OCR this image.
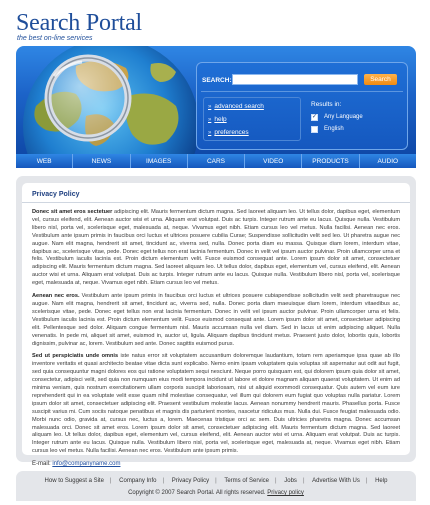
Search Portal
the best on-line services
SEARCH:	Search
» advanced search
» help
» preferences
Results in:
✓ Any Language
English
WEB	NEWS	IMAGES	CARS	VIDEO	PRODUCTS	AUDIO
Privacy Policy

Donec sit amet eros sectetuer adipiscing elit. Mauris fermentum dictum magna. Sed laoreet aliquam leo. Ut tellus dolor, dapibus eget, elementum vel, cursus eleifend, elit. Aenean auctor wisi et urna. Aliquam erat volutpat. Duis ac turpis. Integer rutrum ante eu lacus. Quisque nulla. Vestibulum libero nisl, porta vel, scelerisque eget, malesuada at, neque. Vivamus eget nibh. Etiam cursus leo vel metus. Nulla facilisi. Aenean nec eros. Vestibulum ante ipsum primis in faucibus orci luctus et ultrices posuere cubilia Curae; Suspendisse sollicitudin velit sed leo. Ut pharetra augue nec augue. Nam elit magna, hendrerit sit amet, tincidunt ac, viverra sed, nulla. Donec porta diam eu massa. Quisque diam lorem, interdum vitae, dapibus ac, scelerisque vitae, pede. Donec eget tellus non erat lacinia fermentum. Donec in velit vel ipsum auctor pulvinar. Proin ullamcorper urna et felis. Vestibulum iaculis lacinia est. Proin dictum elementum velit. Fusce euismod consequat ante. Lorem ipsum dolor sit amet, consectetuer adipiscing elit. Mauris fermentum dictum magna. Sed laoreet aliquam leo. Ut tellus dolor, dapibus eget, elementum vel, cursus eleifend, elit. Aenean auctor wisi et urna. Aliquam erat volutpat. Duis ac turpis. Integer rutrum ante eu lacus. Quisque nulla. Vestibulum libero nisl, porta vel, scelerisque eget, malesuada at, neque. Vivamus eget nibh. Etiam cursus leo vel metus.

Aenean nec eros. Vestibulum ante ipsum primis in faucibus orci luctus et ultrices posuere cubiapendisse sollicitudin velit sedt pharetraugue nec augue. Nam elit magna, hendrerit sit amet, tincidunt ac, viverra sed, nulla. Donec porta diam maeuisque diam lorem, interdum vitaedibus ac, scelerisque vitae, pede. Donec eget tellus non erat lacinia fermentum. Donec in velit vel ipsum auctor pulvinar. Proin ullamcorper urna et felis. Vestibulum iaculis lacinia est. Proin dictum elementum velit. Fusce euismod consequat ante. Lorem ipsum dolor sit amet, consectetuer adipiscing elit. Pellentesque sed dolor. Aliquam congue fermentum nisl. Mauris accumsan nulla vel diam. Sed in lacus ut enim adipiscing aliquet. Nulla venenatis. In pede mi, aliquet sit amet, euismod in, auctor ut, ligula. Aliquam dapibus tincidunt metus. Praesent justo dolor, lobortis quis, lobortis dignissim, pulvinar ac, lorem. Vestibulum sed ante. Donec sagittis euismod purus.

Sed ut perspiciatis unde omnis iste natus error sit voluptatem accusantium doloremque laudantium, totam rem aperiamque ipsa quae ab illo inventore veritatis et quasi architecto beatae vitae dicta sunt explicabo. Nemo enim ipsam voluptatem quia voluptas sit aspernatur aut odit aut fugit, sed quia consequuntur magni dolores eos qui ratione voluptatem sequi nesciunt. Neque porro quisquam est, qui dolorem ipsum quia dolor sit amet, consectetur, adipisci velit, sed quia non numquam eius modi tempora incidunt ut labore et dolore magnam aliquam quaerat voluptatem. Ut enim ad minima veniam, quis nostrum exercitationem ullam corporis suscipit laboriosam, nisi ut aliquid exommodi consequatur. Quis autem vel eum iure reprehenderit qui in ea voluptate velit esse quam nihil molestiae consequatur, vel illum qui dolorem eum fugiat quo voluptas nulla pariatur. Lorem ipsum dolor sit amet, consectetuer adipiscing elit. Praesent vestibulum molestie lacus. Aenean nonummy hendrerit mauris. Phasellus porta. Fusce suscipit varius mi. Cum sociis natoque penatibus et magnis dis parturient montes, nascetur ridiculus mus. Nulla dui. Fusce feugiat malesuada odio. Morbi nunc odio, gravida at, cursus nec, luctus a, lorem. Maecenas tristique orci ac sem. Duis ultricies pharetra magna. Donec accumsan malesuada orci. Donec sit amet eros. Lorem ipsum dolor sit amet, consectetuer adipiscing elit. Mauris fermentum dictum magna. Sed laoreet aliquam leo. Ut tellus dolor, dapibus eget, elementum vel, cursus eleifend, elit. Aenean auctor wisi et urna. Aliquam erat volutpat. Duis ac turpis. Integer rutrum ante eu lacus. Quisque nulla. Vestibulum libero nisl, porta vel, scelerisque eget, malesuada at, neque. Vivamus eget nibh. Etiam cursus leo vel metus. Nulla facilisi. Aenean nec eros. Vestibulum ante ipsum primis.

E-mail: info@companyname.com
How to Suggest a Site | Company Info | Privacy Policy | Terms of Service | Jobs | Advertise With Us | Help
Copyright © 2007 Search Portal. All rights reserved. Privacy policy
